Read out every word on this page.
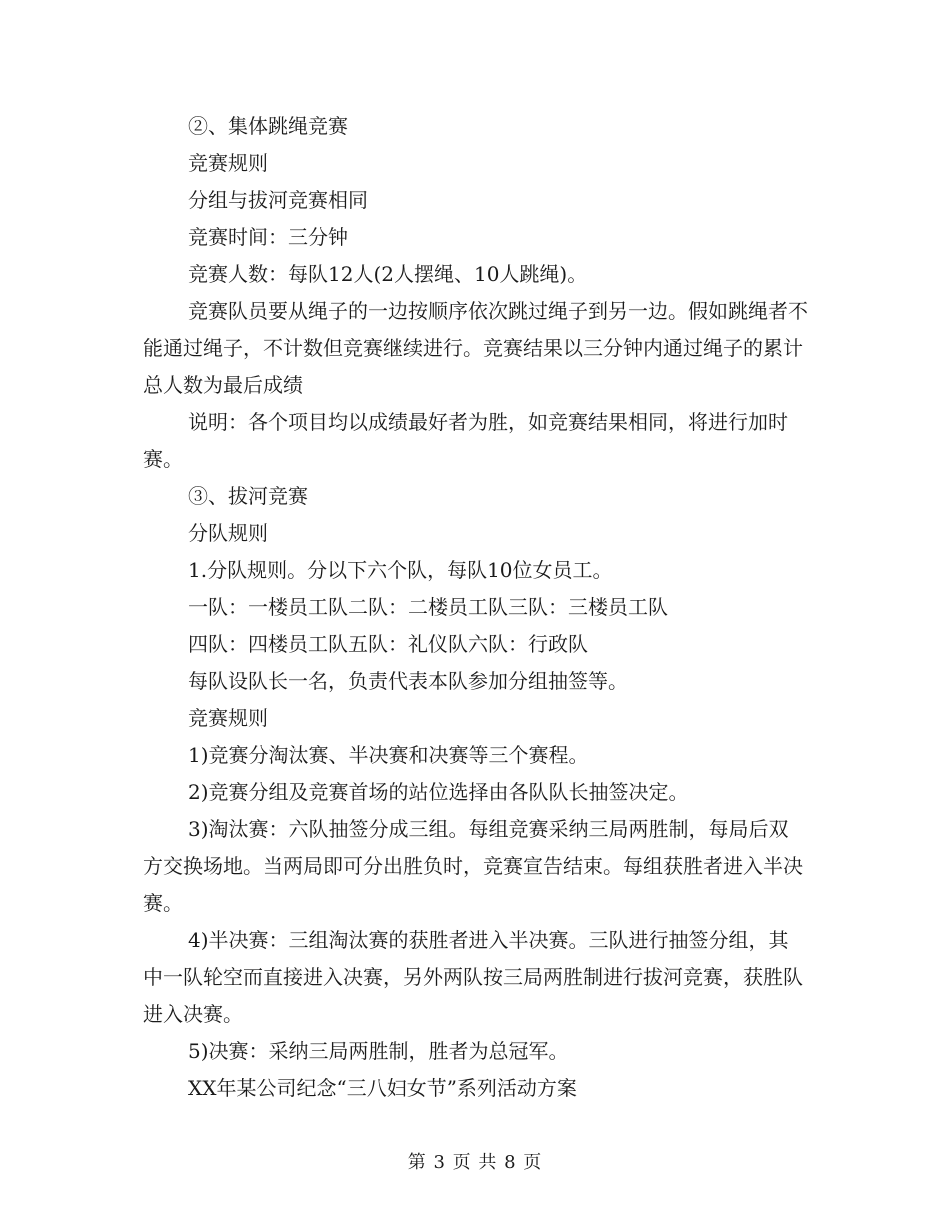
②、集体跳绳竞赛

竞赛规则

分组与拔河竞赛相同

竞赛时间：三分钟

竞赛人数：每队12人(2人摆绳、10人跳绳)。

竞赛队员要从绳子的一边按顺序依次跳过绳子到另一边。假如跳绳者不能通过绳子，不计数但竞赛继续进行。竞赛结果以三分钟内通过绳子的累计总人数为最后成绩

说明：各个项目均以成绩最好者为胜，如竞赛结果相同，将进行加时赛。

③、拔河竞赛

分队规则

1.分队规则。分以下六个队，每队10位女员工。

一队：一楼员工队二队：二楼员工队三队：三楼员工队

四队：四楼员工队五队：礼仪队六队：行政队

每队设队长一名，负责代表本队参加分组抽签等。

竞赛规则

1)竞赛分淘汰赛、半决赛和决赛等三个赛程。

2)竞赛分组及竞赛首场的站位选择由各队队长抽签决定。

3)淘汰赛：六队抽签分成三组。每组竞赛采纳三局两胜制，每局后双方交换场地。当两局即可分出胜负时，竞赛宣告结束。每组获胜者进入半决赛。

4)半决赛：三组淘汰赛的获胜者进入半决赛。三队进行抽签分组，其中一队轮空而直接进入决赛，另外两队按三局两胜制进行拔河竞赛，获胜队进入决赛。

5)决赛：采纳三局两胜制，胜者为总冠军。

XX年某公司纪念“三八妇女节”系列活动方案

第 3 页 共 8 页
